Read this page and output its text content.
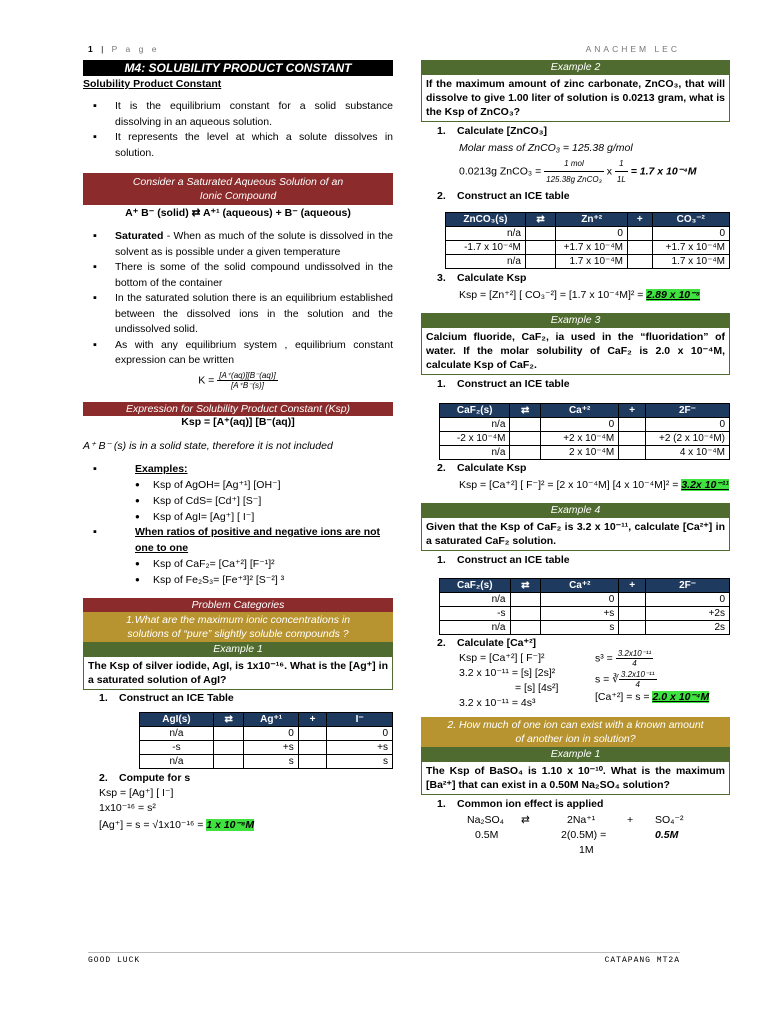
1 | P a g e	ANACHEM LEC
M4: SOLUBILITY PRODUCT CONSTANT
Solubility Product Constant
▪ It is the equilibrium constant for a solid substance dissolving in an aqueous solution.
▪ It represents the level at which a solute dissolves in solution.
Consider a Saturated Aqueous Solution of an Ionic Compound
A⁺ B⁻ (solid) ⇄ A⁺¹ (aqueous) + B⁻ (aqueous)
▪ Saturated - When as much of the solute is dissolved in the solvent as is possible under a given temperature
▪ There is some of the solid compound undissolved in the bottom of the container
▪ In the saturated solution there is an equilibrium established between the dissolved ions in the solution and the undissolved solid.
▪ As with any equilibrium system , equilibrium constant expression can be written
$K = \frac{[A^+(aq)][B^-(aq)]}{[A^+B^-(s)]}$
Expression for Solubility Product Constant (Ksp)
Ksp = [A⁺(aq)] [B⁻(aq)]
A⁺ B⁻ (s) is in a solid state, therefore it is not included
▪ Examples:
● Ksp of AgOH= [Ag⁺¹] [OH⁻]
● Ksp of CdS= [Cd⁺] [S⁻]
● Ksp of AgI= [Ag⁺] [ I⁻]
▪ When ratios of positive and negative ions are not one to one
● Ksp of CaF₂= [Ca⁺²] [F⁻¹]²
● Ksp of Fe₂S₃= [Fe⁺³]² [S⁻²] ³
Problem Categories
1.What are the maximum ionic concentrations in solutions of “pure” slightly soluble compounds ?
Example 1
The Ksp of silver iodide, AgI, is 1x10⁻¹⁶. What is the [Ag⁺] in a saturated solution of AgI?
1. Construct an ICE Table
AgI(s)	⇄	Ag⁺¹	+	I⁻
n/a		0		0
-s		+s		+s
n/a		s		s
2. Compute for s
Ksp = [Ag⁺] [ I⁻]
1x10⁻¹⁶ = s²
[Ag⁺] = s = √1x10⁻¹⁶ = 1 x 10⁻⁸M
Example 2
If the maximum amount of zinc carbonate, ZnCO₃, that will dissolve to give 1.00 liter of solution is 0.0213 gram, what is the Ksp of ZnCO₃?
1. Calculate [ZnCO₃]
Molar mass of ZnCO₃ = 125.38 g/mol
0.0213g ZnCO₃ = $\frac{\text{1 mol}}{\text{125.38g ZnCO₃}}$ x $\frac{1}{1L} = 1.7$ x 10⁻⁴M
2. Construct an ICE table
ZnCO₃(s)	⇄	Zn⁺²	+	CO₃⁻²
n/a		0		0
-1.7 x 10⁻⁴M		+1.7 x 10⁻⁴M		+1.7 x 10⁻⁴M
n/a		1.7 x 10⁻⁴M		1.7 x 10⁻⁴M
3. Calculate Ksp
Ksp = [Zn⁺²] [ CO₃⁻²] = [1.7 x 10⁻⁴M]² = 2.89 x 10⁻⁸
Example 3
Calcium fluoride, CaF₂, ia used in the “fluoridation” of water. If the molar solubility of CaF₂ is 2.0 x 10⁻⁴M, calculate Ksp of CaF₂.
1. Construct an ICE table
CaF₂(s)	⇄	Ca⁺²	+	2F⁻
n/a		0		0
-2 x 10⁻⁴M		+2 x 10⁻⁴M		+2 (2 x 10⁻⁴M)
n/a		2 x 10⁻⁴M		4 x 10⁻⁴M
2. Calculate Ksp
Ksp = [Ca⁺²] [ F⁻]² = [2 x 10⁻⁴M] [4 x 10⁻⁴M]² = 3.2x 10⁻¹¹
Example 4
Given that the Ksp of CaF₂ is 3.2 x 10⁻¹¹, calculate [Ca²⁺] in a saturated CaF₂ solution.
1. Construct an ICE table
CaF₂(s)	⇄	Ca⁺²	+	2F⁻
n/a		0		0
-s		+s		+2s
n/a		s		2s
2. Calculate [Ca⁺²]
Ksp = [Ca⁺²] [ F⁻]²
3.2 x 10⁻¹¹ = [s] [2s]²
= [s] [4s²]
3.2 x 10⁻¹¹ = 4s³
$s^3 = \frac{\text{3.2x10⁻¹¹}}{4}$
s = ∛ $\frac{\text{3.2x10⁻¹¹}}{4}$
[Ca⁺²] = s = 2.0 x 10⁻⁴M
2. How much of one ion can exist with a known amount of another ion in solution?
Example 1
The Ksp of BaSO₄ is 1.10 x 10⁻¹⁰. What is the maximum [Ba²⁺] that can exist in a 0.50M Na₂SO₄ solution?
1. Common ion effect is applied
Na₂SO₄ ⇄	2Na⁺¹	+ SO₄⁻²
0.5M	2(0.5M) =	0.5M
1M
GOOD LUCK	CATAPANG MT2A
